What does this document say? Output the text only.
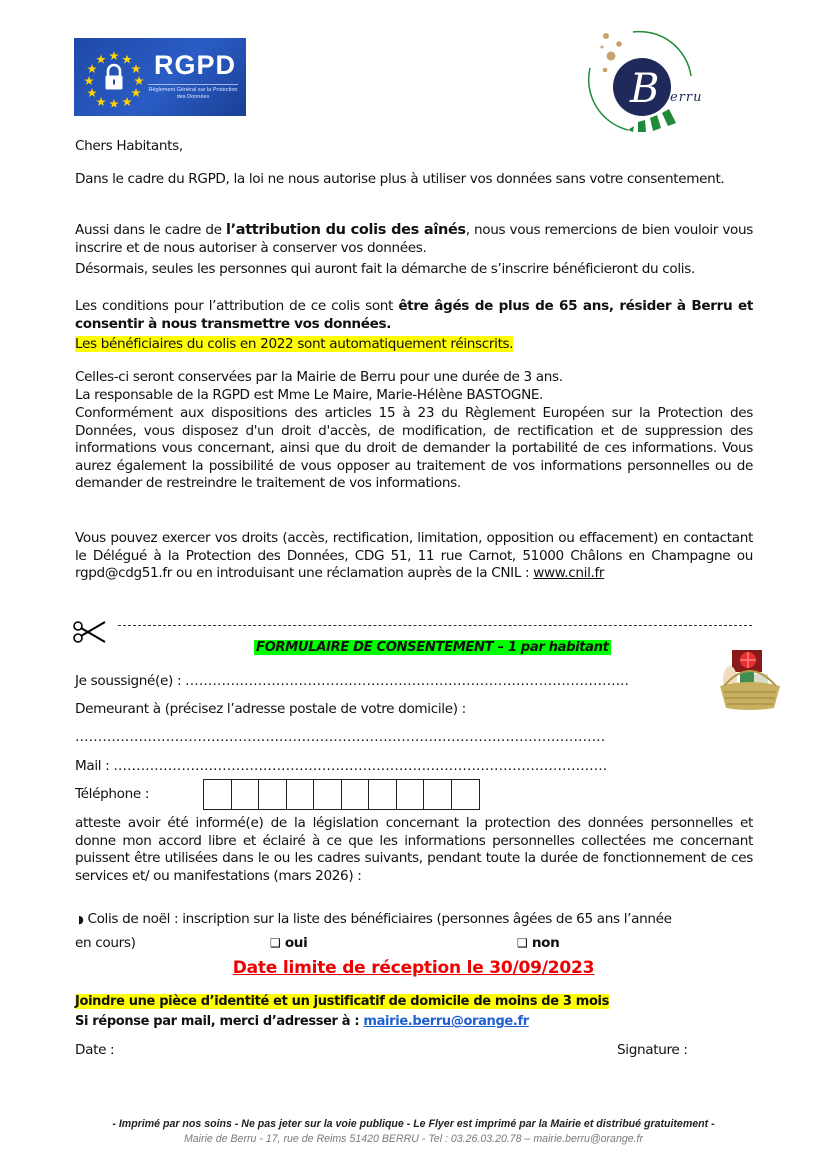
RGPD
Règlement Général sur la Protection des Données	B erru
Chers Habitants,
Dans le cadre du RGPD, la loi ne nous autorise plus à utiliser vos données sans votre consentement.
Aussi dans le cadre de l’attribution du colis des aînés, nous vous remercions de bien vouloir vous inscrire et de nous autoriser à conserver vos données.
Désormais, seules les personnes qui auront fait la démarche de s’inscrire bénéficieront du colis.
Les conditions pour l’attribution de ce colis sont être âgés de plus de 65 ans, résider à Berru et consentir à nous transmettre vos données.
Les bénéficiaires du colis en 2022 sont automatiquement réinscrits.
Celles-ci seront conservées par la Mairie de Berru pour une durée de 3 ans.
La responsable de la RGPD est Mme Le Maire, Marie-Hélène BASTOGNE.
Conformément aux dispositions des articles 15 à 23 du Règlement Européen sur la Protection des Données, vous disposez d'un droit d'accès, de modification, de rectification et de suppression des informations vous concernant, ainsi que du droit de demander la portabilité de ces informations. Vous aurez également la possibilité de vous opposer au traitement de vos informations personnelles ou de demander de restreindre le traitement de vos informations.
Vous pouvez exercer vos droits (accès, rectification, limitation, opposition ou effacement) en contactant le Délégué à la Protection des Données, CDG 51, 11 rue Carnot, 51000 Châlons en Champagne ou rgpd@cdg51.fr ou en introduisant une réclamation auprès de la CNIL : www.cnil.fr
FORMULAIRE DE CONSENTEMENT – 1 par habitant
Je soussigné(e) : ……………………………………………………………………………………..
Demeurant à (précisez l’adresse postale de votre domicile) :
………………………………………………………………………………………………………
Mail : ……………………………………………………………………………………………….
Téléphone :
atteste avoir été informé(e) de la législation concernant la protection des données personnelles et donne mon accord libre et éclairé à ce que les informations personnelles collectées me concernant puissent être utilisées dans le ou les cadres suivants, pendant toute la durée de fonctionnement de ces services et/ ou manifestations (mars 2026) :
◗ Colis de noël : inscription sur la liste des bénéficiaires (personnes âgées de 65 ans l’année
en cours)	❑ oui	❑ non
Date limite de réception le 30/09/2023
Joindre une pièce d’identité et un justificatif de domicile de moins de 3 mois
Si réponse par mail, merci d’adresser à : mairie.berru@orange.fr
Date :	Signature :
- Imprimé par nos soins - Ne pas jeter sur la voie publique - Le Flyer est imprimé par la Mairie et distribué gratuitement -
Mairie de Berru - 17, rue de Reims 51420 BERRU - Tel : 03.26.03.20.78 – mairie.berru@orange.fr
